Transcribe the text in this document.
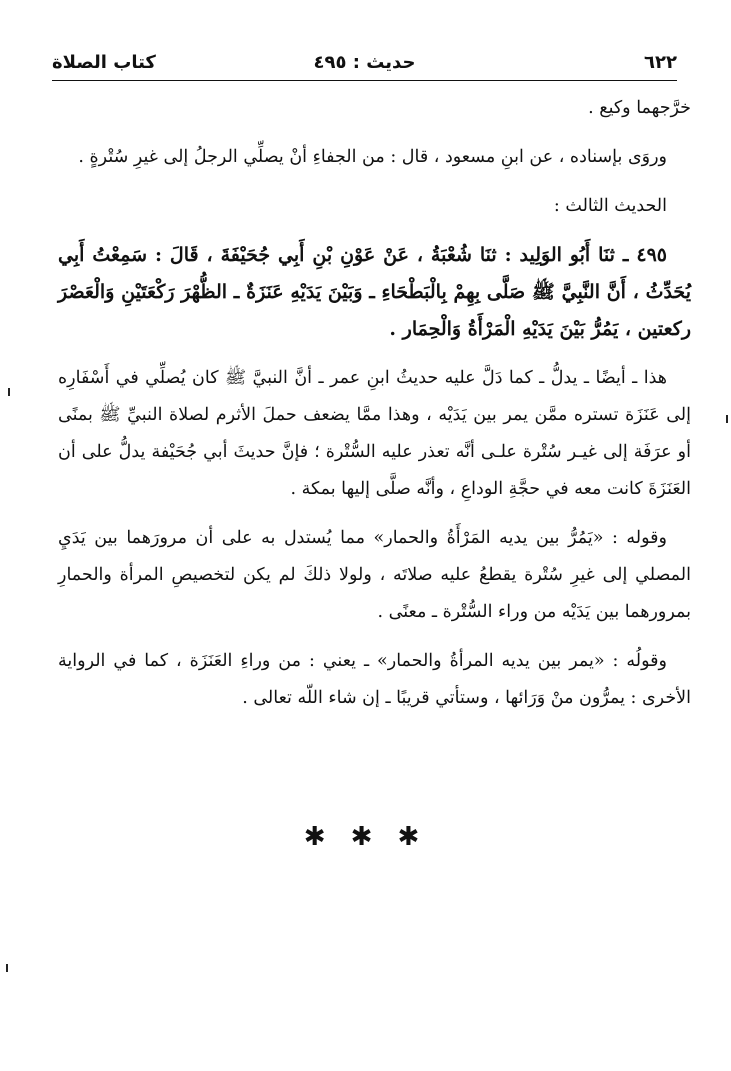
٦٢٢
حديث : ٤٩٥
كتاب الصلاة

خرَّجهما وكيع .

وروَى بإسناده ، عن ابنِ مسعود ، قال : من الجفاءِ أنْ يصلِّي الرجلُ إلى غيرِ سُتْرةٍ .

الحديث الثالث :

٤٩٥ ـ ثنَا أَبُو الوَلِيد : ثنَا شُعْبَةُ ، عَنْ عَوْنِ بْنِ أَبِي جُحَيْفَةَ ، قَالَ : سَمِعْتُ أَبِي يُحَدِّثُ ، أَنَّ النَّبِيَّ ﷺ صَلَّى بِهِمْ بِالْبَطْحَاءِ ـ وَبَيْنَ يَدَيْهِ عَنَزَةٌ ـ الظُّهْرَ رَكْعَتَيْنِ وَالْعَصْرَ ركعتين ، يَمُرُّ بَيْنَ يَدَيْهِ الْمَرْأَةُ وَالْحِمَار .

هذا ـ أيضًا ـ يدلُّ ـ كما دَلَّ عليه حديثُ ابنِ عمر ـ أنَّ النبيَّ ﷺ كان يُصلِّي في أَسْفَارِه إلى عَنَزَة تستره ممَّن يمر بين يَدَيْه ، وهذا ممَّا يضعف حملَ الأثرم لصلاة النبيِّ ﷺ بمنًى أو عرَفَة إلى غيـر سُتْرة علـى أنَّه تعذر عليه السُّتْرة ؛ فإنَّ حديثَ أبي جُحَيْفة يدلُّ على أن العَنَزَةَ كانت معه في حجَّةِ الوداعِ ، وأنَّه صلَّى إليها بمكة .

وقوله : «يَمُرُّ بين يديه المَرْأَةُ والحمار» مما يُستدل به على أن مرورَهما بين يَدَيِ المصلي إلى غيرِ سُتْرة يقطعُ عليه صلاتَه ، ولولا ذلكَ لم يكن لتخصيصِ المرأة والحمارِ بمرورهما بين يَدَيْه من وراء السُّتْرة ـ معنًى .

وقولُه : «يمر بين يديه المرأةُ والحمار» ـ يعني : من وراءِ العَنَزَة ، كما في الرواية الأخرى : يمرُّون منْ وَرَائها ، وستأتي قريبًا ـ إن شاء اللّه تعالى .

✱ ✱ ✱
